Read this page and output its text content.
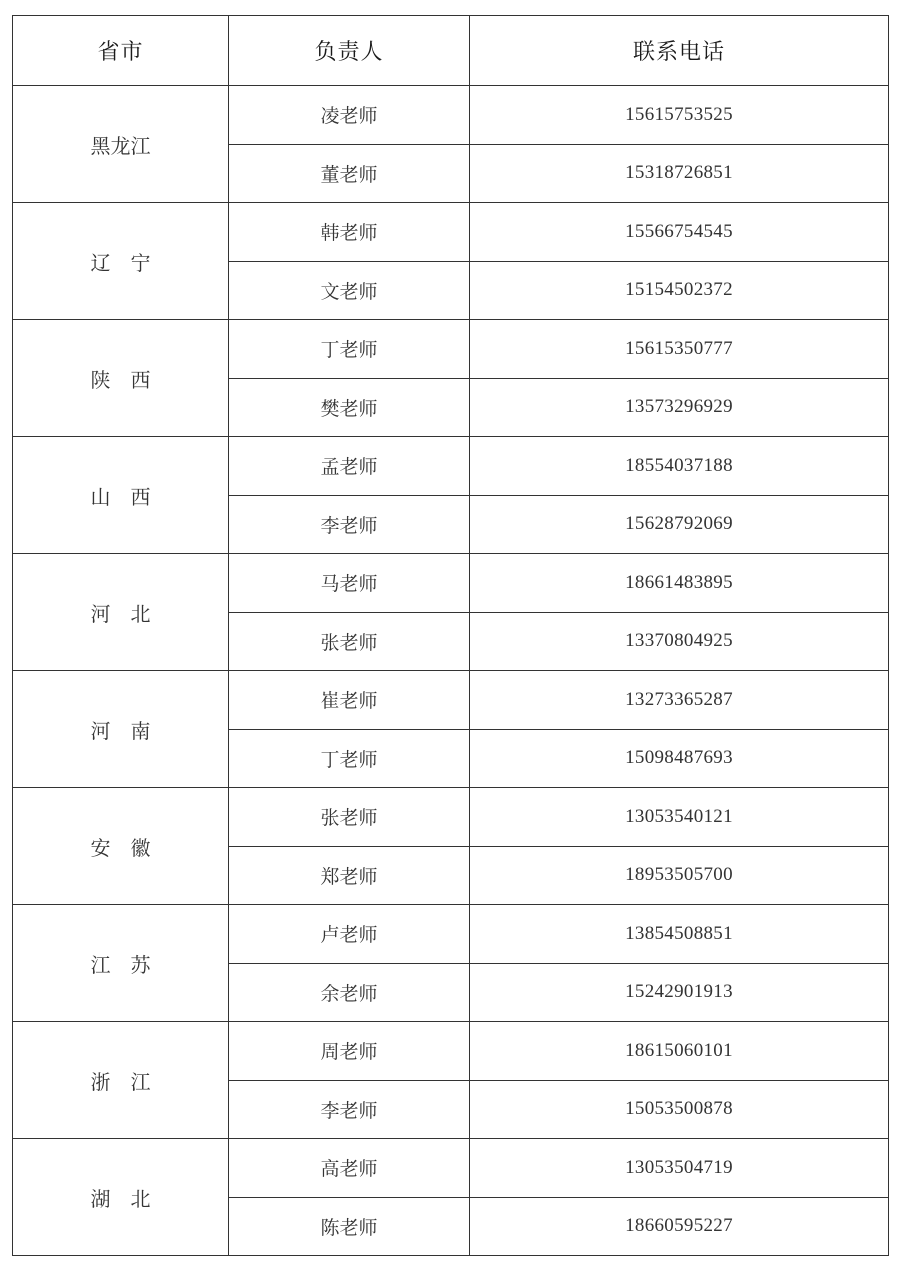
省市	负责人	联系电话
黑龙江	凌老师	15615753525
	董老师	15318726851
辽　宁	韩老师	15566754545
	文老师	15154502372
陕　西	丁老师	15615350777
	樊老师	13573296929
山　西	孟老师	18554037188
	李老师	15628792069
河　北	马老师	18661483895
	张老师	13370804925
河　南	崔老师	13273365287
	丁老师	15098487693
安　徽	张老师	13053540121
	郑老师	18953505700
江　苏	卢老师	13854508851
	余老师	15242901913
浙　江	周老师	18615060101
	李老师	15053500878
湖　北	高老师	13053504719
	陈老师	18660595227
